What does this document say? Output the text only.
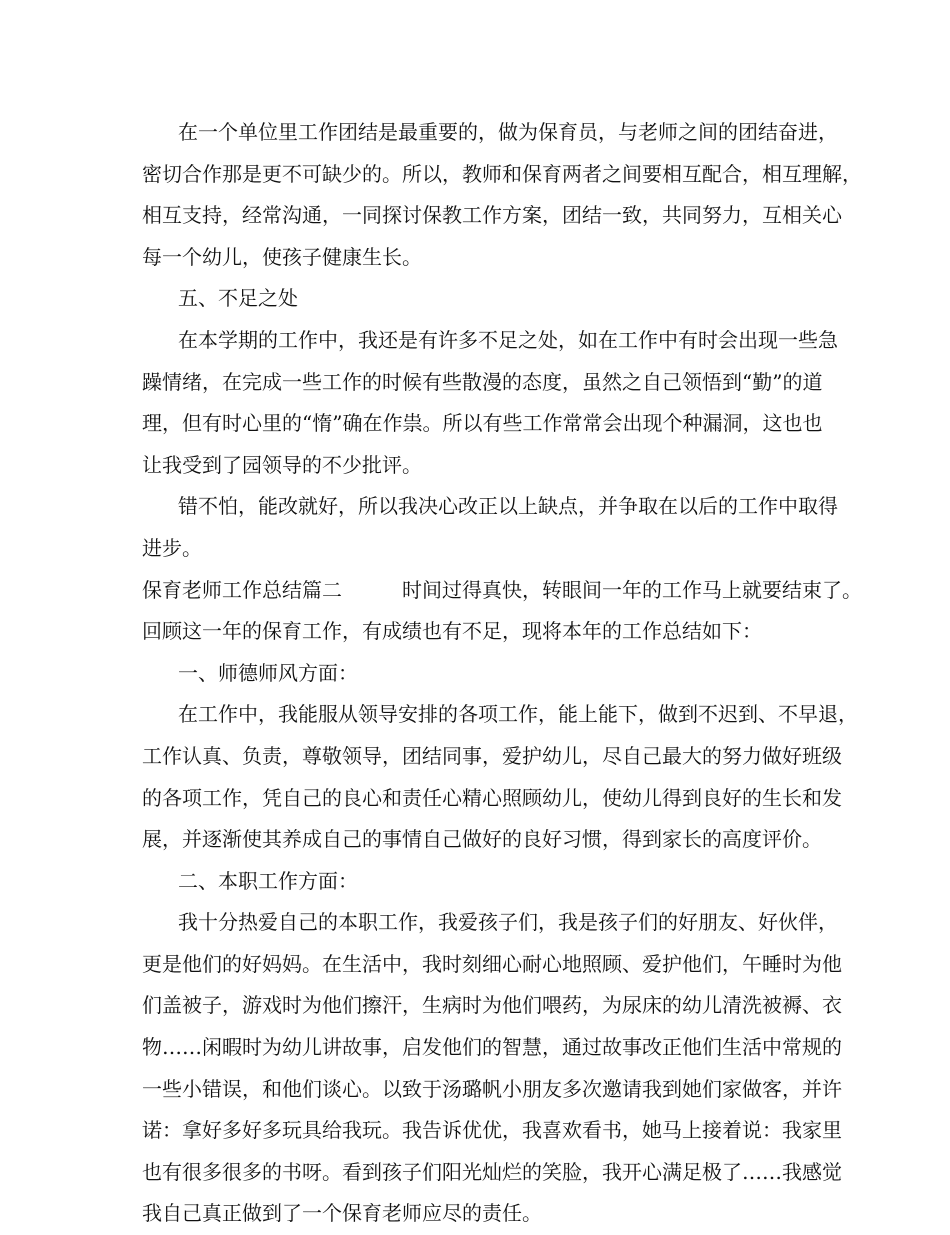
在一个单位里工作团结是最重要的，做为保育员，与老师之间的团结奋进，
密切合作那是更不可缺少的。所以，教师和保育两者之间要相互配合，相互理解，
相互支持，经常沟通，一同探讨保教工作方案，团结一致，共同努力，互相关心
每一个幼儿，使孩子健康生长。
五、不足之处
在本学期的工作中，我还是有许多不足之处，如在工作中有时会出现一些急
躁情绪，在完成一些工作的时候有些散漫的态度，虽然之自己领悟到“勤”的道
理，但有时心里的“惰”确在作祟。所以有些工作常常会出现个种漏洞，这也也
让我受到了园领导的不少批评。
错不怕，能改就好，所以我决心改正以上缺点，并争取在以后的工作中取得
进步。
保育老师工作总结篇二	时间过得真快，转眼间一年的工作马上就要结束了。
回顾这一年的保育工作，有成绩也有不足，现将本年的工作总结如下：
一、师德师风方面：
在工作中，我能服从领导安排的各项工作，能上能下，做到不迟到、不早退，
工作认真、负责，尊敬领导，团结同事，爱护幼儿，尽自己最大的努力做好班级
的各项工作，凭自己的良心和责任心精心照顾幼儿，使幼儿得到良好的生长和发
展，并逐渐使其养成自己的事情自己做好的良好习惯，得到家长的高度评价。
二、本职工作方面：
我十分热爱自己的本职工作，我爱孩子们，我是孩子们的好朋友、好伙伴，
更是他们的好妈妈。在生活中，我时刻细心耐心地照顾、爱护他们，午睡时为他
们盖被子，游戏时为他们擦汗，生病时为他们喂药，为尿床的幼儿清洗被褥、衣
物……闲暇时为幼儿讲故事，启发他们的智慧，通过故事改正他们生活中常规的
一些小错误，和他们谈心。以致于汤璐帆小朋友多次邀请我到她们家做客，并许
诺：拿好多好多玩具给我玩。我告诉优优，我喜欢看书，她马上接着说：我家里
也有很多很多的书呀。看到孩子们阳光灿烂的笑脸，我开心满足极了……我感觉
我自己真正做到了一个保育老师应尽的责任。
